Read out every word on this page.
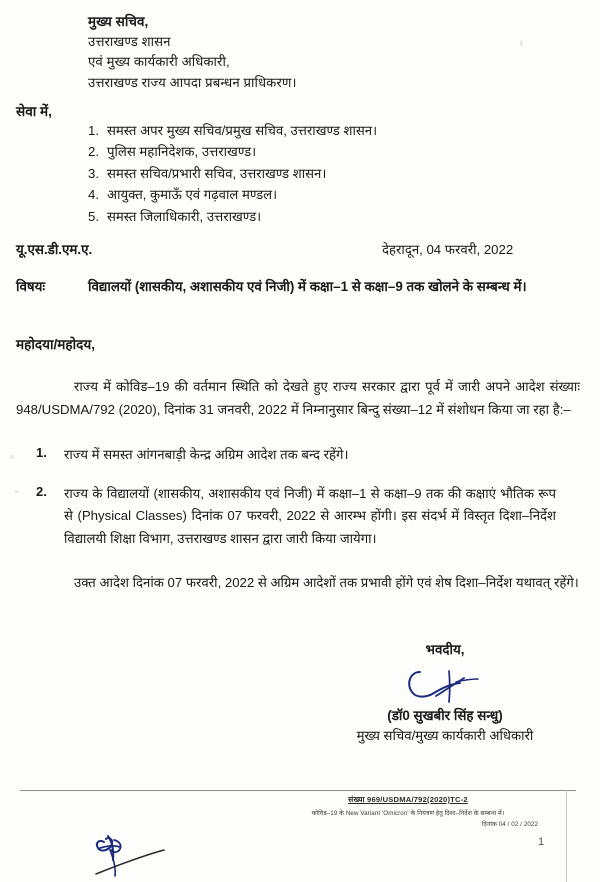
मुख्य सचिव,
उत्तराखण्ड शासन
एवं मुख्य कार्यकारी अधिकारी,
उत्तराखण्ड राज्य आपदा प्रबन्धन प्राधिकरण।
सेवा में,
1. समस्त अपर मुख्य सचिव/प्रमुख सचिव, उत्तराखण्ड शासन।
2. पुलिस महानिदेशक, उत्तराखण्ड।
3. समस्त सचिव/प्रभारी सचिव, उत्तराखण्ड शासन।
4. आयुक्त, कुमाऊँ एवं गढ़वाल मण्डल।
5. समस्त जिलाधिकारी, उत्तराखण्ड।
यू.एस.डी.एम.ए.	देहरादून, 04 फरवरी, 2022
विषयः	विद्यालयों (शासकीय, अशासकीय एवं निजी) में कक्षा–1 से कक्षा–9 तक खोलने के सम्बन्ध में।
महोदया/महोदय,
राज्य में कोविड–19 की वर्तमान स्थिति को देखते हुए राज्य सरकार द्वारा पूर्व में जारी अपने आदेश संख्याः 948/USDMA/792 (2020), दिनांक 31 जनवरी, 2022 में निम्नानुसार बिन्दु संख्या–12 में संशोधन किया जा रहा है:–
1.	राज्य में समस्त आंगनबाड़ी केन्द्र अग्रिम आदेश तक बन्द रहेंगे।
2.	राज्य के विद्यालयों (शासकीय, अशासकीय एवं निजी) में कक्षा–1 से कक्षा–9 तक की कक्षाएं भौतिक रूप से (Physical Classes) दिनांक 07 फरवरी, 2022 से आरम्भ होंगी। इस संदर्भ में विस्तृत दिशा–निर्देश विद्यालयी शिक्षा विभाग, उत्तराखण्ड शासन द्वारा जारी किया जायेगा।
उक्त आदेश दिनांक 07 फरवरी, 2022 से अग्रिम आदेशों तक प्रभावी होंगे एवं शेष दिशा–निर्देश यथावत् रहेंगे।
भवदीय,
(डॉ0 सुखबीर सिंह सन्धु)
मुख्य सचिव/मुख्य कार्यकारी अधिकारी
संख्या 969/USDMA/792(2020)TC-2
कोविड–19 के New Variant 'Omicron' के नियंत्रण हेतु दिशा–निर्देश के सम्बन्ध में।
दिनांक 04 / 02 / 2022
1
